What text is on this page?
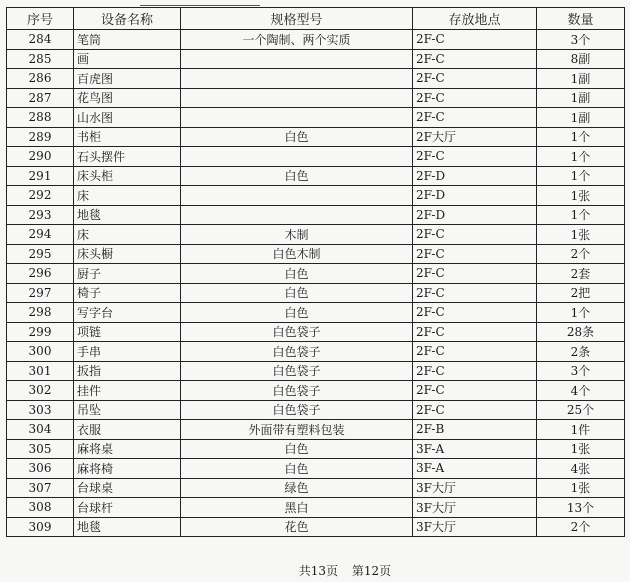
序号	设备名称	规格型号	存放地点	数量
284	笔筒	一个陶制、两个实质	2F-C	3个
285	画		2F-C	8副
286	百虎图		2F-C	1副
287	花鸟图		2F-C	1副
288	山水图		2F-C	1副
289	书柜	白色	2F大厅	1个
290	石头摆件		2F-C	1个
291	床头柜	白色	2F-D	1个
292	床		2F-D	1张
293	地毯		2F-D	1个
294	床	木制	2F-C	1张
295	床头橱	白色木制	2F-C	2个
296	厨子	白色	2F-C	2套
297	椅子	白色	2F-C	2把
298	写字台	白色	2F-C	1个
299	项链	白色袋子	2F-C	28条
300	手串	白色袋子	2F-C	2条
301	扳指	白色袋子	2F-C	3个
302	挂件	白色袋子	2F-C	4个
303	吊坠	白色袋子	2F-C	25个
304	衣服	外面带有塑料包装	2F-B	1件
305	麻将桌	白色	3F-A	1张
306	麻将椅	白色	3F-A	4张
307	台球桌	绿色	3F大厅	1张
308	台球杆	黑白	3F大厅	13个
309	地毯	花色	3F大厅	2个
共13页 第12页
